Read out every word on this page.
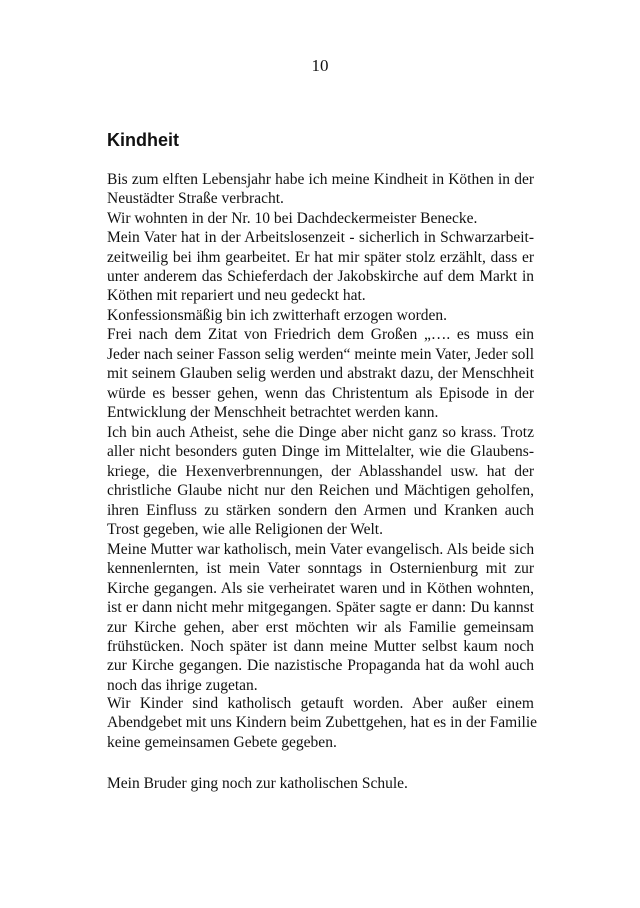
10
Kindheit

Bis zum elften Lebensjahr habe ich meine Kindheit in Köthen in der
Neustädter Straße verbracht.
Wir wohnten in der Nr. 10 bei Dachdeckermeister Benecke.
Mein Vater hat in der Arbeitslosenzeit - sicherlich in Schwarzarbeit-
zeitweilig bei ihm gearbeitet. Er hat mir später stolz erzählt, dass er
unter anderem das Schieferdach der Jakobskirche auf dem Markt in
Köthen mit repariert und neu gedeckt hat.

Konfessionsmäßig bin ich zwitterhaft erzogen worden.
Frei nach dem Zitat von Friedrich dem Großen „…. es muss ein
Jeder nach seiner Fasson selig werden“ meinte mein Vater, Jeder soll
mit seinem Glauben selig werden und abstrakt dazu, der Menschheit
würde es besser gehen, wenn das Christentum als Episode in der
Entwicklung der Menschheit betrachtet werden kann.

Ich bin auch Atheist, sehe die Dinge aber nicht ganz so krass. Trotz
aller nicht besonders guten Dinge im Mittelalter, wie die Glaubens-
kriege, die Hexenverbrennungen, der Ablasshandel usw. hat der
christliche Glaube nicht nur den Reichen und Mächtigen geholfen,
ihren Einfluss zu stärken sondern den Armen und Kranken auch
Trost gegeben, wie alle Religionen der Welt.

Meine Mutter war katholisch, mein Vater evangelisch. Als beide sich
kennenlernten, ist mein Vater sonntags in Osternienburg mit zur
Kirche gegangen. Als sie verheiratet waren und in Köthen wohnten,
ist er dann nicht mehr mitgegangen. Später sagte er dann: Du kannst
zur Kirche gehen, aber erst möchten wir als Familie gemeinsam
frühstücken. Noch später ist dann meine Mutter selbst kaum noch
zur Kirche gegangen. Die nazistische Propaganda hat da wohl auch
noch das ihrige zugetan.

Wir Kinder sind katholisch getauft worden. Aber außer einem
Abendgebet mit uns Kindern beim Zubettgehen, hat es in der Familie
keine gemeinsamen Gebete gegeben.

Mein Bruder ging noch zur katholischen Schule.
